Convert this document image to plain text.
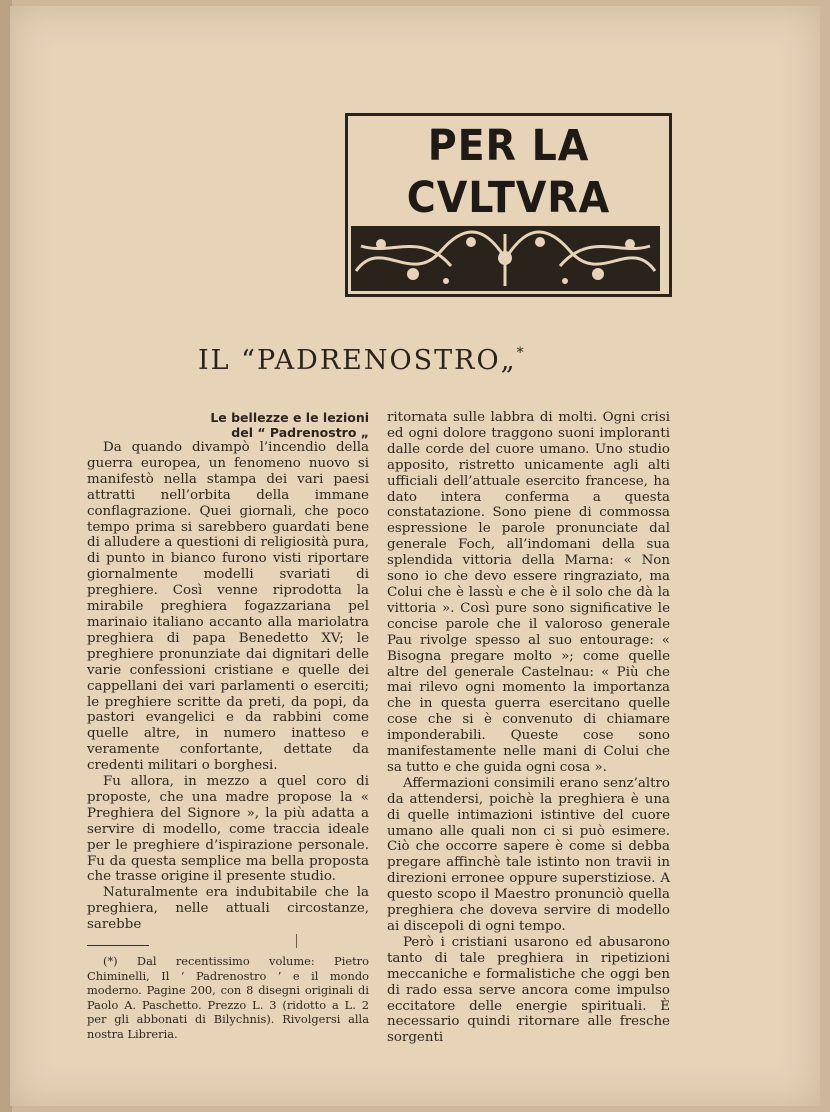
PER LA CVLTVRA
IL “PADRENOSTRO„*
Le bellezze e le lezioni
del “ Padrenostro „

Da quando divampò l’incendio della guerra europea, un fenomeno nuovo si manifestò nella stampa dei vari paesi attratti nell’orbita della immane conflagrazione. Quei giornali, che poco tempo prima si sarebbero guardati bene di alludere a questioni di religiosità pura, di punto in bianco furono visti riportare giornalmente modelli svariati di preghiere. Così venne riprodotta la mirabile preghiera fogazzariana pel marinaio italiano accanto alla mariolatra preghiera di papa Benedetto XV; le preghiere pronunziate dai dignitari delle varie confessioni cristiane e quelle dei cappellani dei vari parlamenti o eserciti; le preghiere scritte da preti, da popi, da pastori evangelici e da rabbini come quelle altre, in numero inatteso e veramente confortante, dettate da credenti militari o borghesi.

Fu allora, in mezzo a quel coro di proposte, che una madre propose la « Preghiera del Signore », la più adatta a servire di modello, come traccia ideale per le preghiere d’ispirazione personale. Fu da questa semplice ma bella proposta che trasse origine il presente studio.

Naturalmente era indubitabile che la preghiera, nelle attuali circostanze, sarebbe

(*) Dal recentissimo volume: Pietro Chiminelli, Il ‘ Padrenostro ’ e il mondo moderno. Pagine 200, con 8 disegni originali di Paolo A. Paschetto. Prezzo L. 3 (ridotto a L. 2 per gli abbonati di Bilychnis). Rivolgersi alla nostra Libreria.

ritornata sulle labbra di molti. Ogni crisi ed ogni dolore traggono suoni imploranti dalle corde del cuore umano. Uno studio apposito, ristretto unicamente agli alti ufficiali dell’attuale esercito francese, ha dato intera conferma a questa constatazione. Sono piene di commossa espressione le parole pronunciate dal generale Foch, all’indomani della sua splendida vittoria della Marna: « Non sono io che devo essere ringraziato, ma Colui che è lassù e che è il solo che dà la vittoria ». Così pure sono significative le concise parole che il valoroso generale Pau rivolge spesso al suo entourage: « Bisogna pregare molto »; come quelle altre del generale Castelnau: « Più che mai rilevo ogni momento la importanza che in questa guerra esercitano quelle cose che si è convenuto di chiamare imponderabili. Queste cose sono manifestamente nelle mani di Colui che sa tutto e che guida ogni cosa ».

Affermazioni consimili erano senz’altro da attendersi, poichè la preghiera è una di quelle intimazioni istintive del cuore umano alle quali non ci si può esimere. Ciò che occorre sapere è come si debba pregare affinchè tale istinto non travii in direzioni erronee oppure superstiziose. A questo scopo il Maestro pronunciò quella preghiera che doveva servire di modello ai discepoli di ogni tempo.

Però i cristiani usarono ed abusarono tanto di tale preghiera in ripetizioni meccaniche e formalistiche che oggi ben di rado essa serve ancora come impulso eccitatore delle energie spirituali. È necessario quindi ritornare alle fresche sorgenti
